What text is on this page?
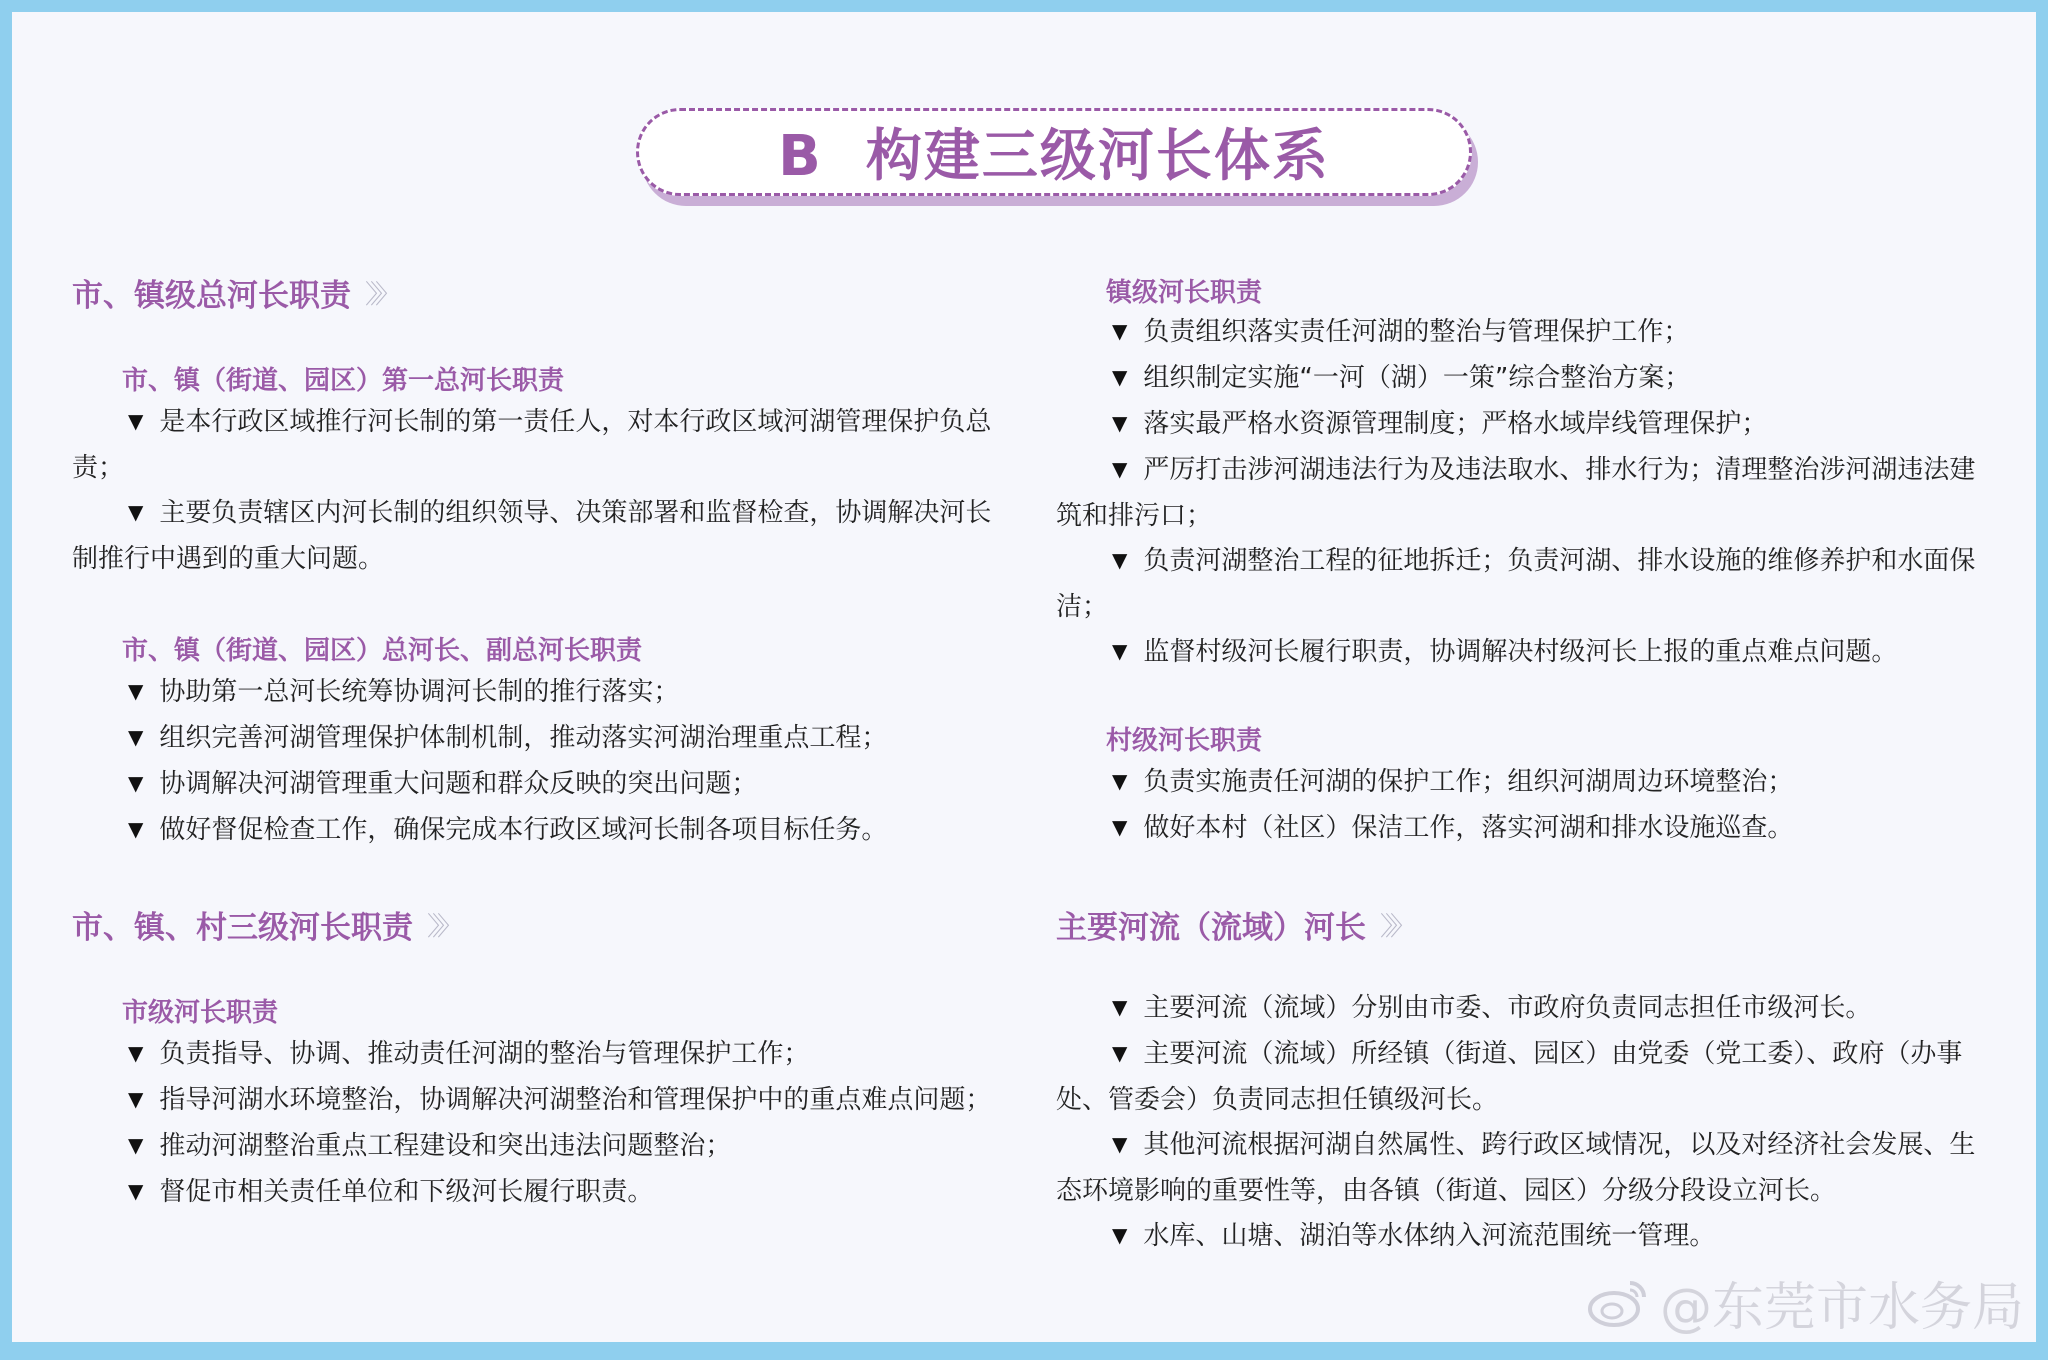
B  构建三级河长体系
市、镇级总河长职责 〉〉〉
市、镇（街道、园区）第一总河长职责
▼ 是本行政区域推行河长制的第一责任人，对本行政区域河湖管理保护负总责；
▼ 主要负责辖区内河长制的组织领导、决策部署和监督检查，协调解决河长制推行中遇到的重大问题。
市、镇（街道、园区）总河长、副总河长职责
▼ 协助第一总河长统筹协调河长制的推行落实；
▼ 组织完善河湖管理保护体制机制，推动落实河湖治理重点工程；
▼ 协调解决河湖管理重大问题和群众反映的突出问题；
▼ 做好督促检查工作，确保完成本行政区域河长制各项目标任务。
市、镇、村三级河长职责 〉〉〉
市级河长职责
▼ 负责指导、协调、推动责任河湖的整治与管理保护工作；
▼ 指导河湖水环境整治，协调解决河湖整治和管理保护中的重点难点问题；
▼ 推动河湖整治重点工程建设和突出违法问题整治；
▼ 督促市相关责任单位和下级河长履行职责。
镇级河长职责
▼ 负责组织落实责任河湖的整治与管理保护工作；
▼ 组织制定实施“一河（湖）一策”综合整治方案；
▼ 落实最严格水资源管理制度；严格水域岸线管理保护；
▼ 严厉打击涉河湖违法行为及违法取水、排水行为；清理整治涉河湖违法建筑和排污口；
▼ 负责河湖整治工程的征地拆迁；负责河湖、排水设施的维修养护和水面保洁；
▼ 监督村级河长履行职责，协调解决村级河长上报的重点难点问题。
村级河长职责
▼ 负责实施责任河湖的保护工作；组织河湖周边环境整治；
▼ 做好本村（社区）保洁工作，落实河湖和排水设施巡查。
主要河流（流域）河长 〉〉〉
▼ 主要河流（流域）分别由市委、市政府负责同志担任市级河长。
▼ 主要河流（流域）所经镇（街道、园区）由党委（党工委）、政府（办事处、管委会）负责同志担任镇级河长。
▼ 其他河流根据河湖自然属性、跨行政区域情况，以及对经济社会发展、生态环境影响的重要性等，由各镇（街道、园区）分级分段设立河长。
▼ 水库、山塘、湖泊等水体纳入河流范围统一管理。
@东莞市水务局
